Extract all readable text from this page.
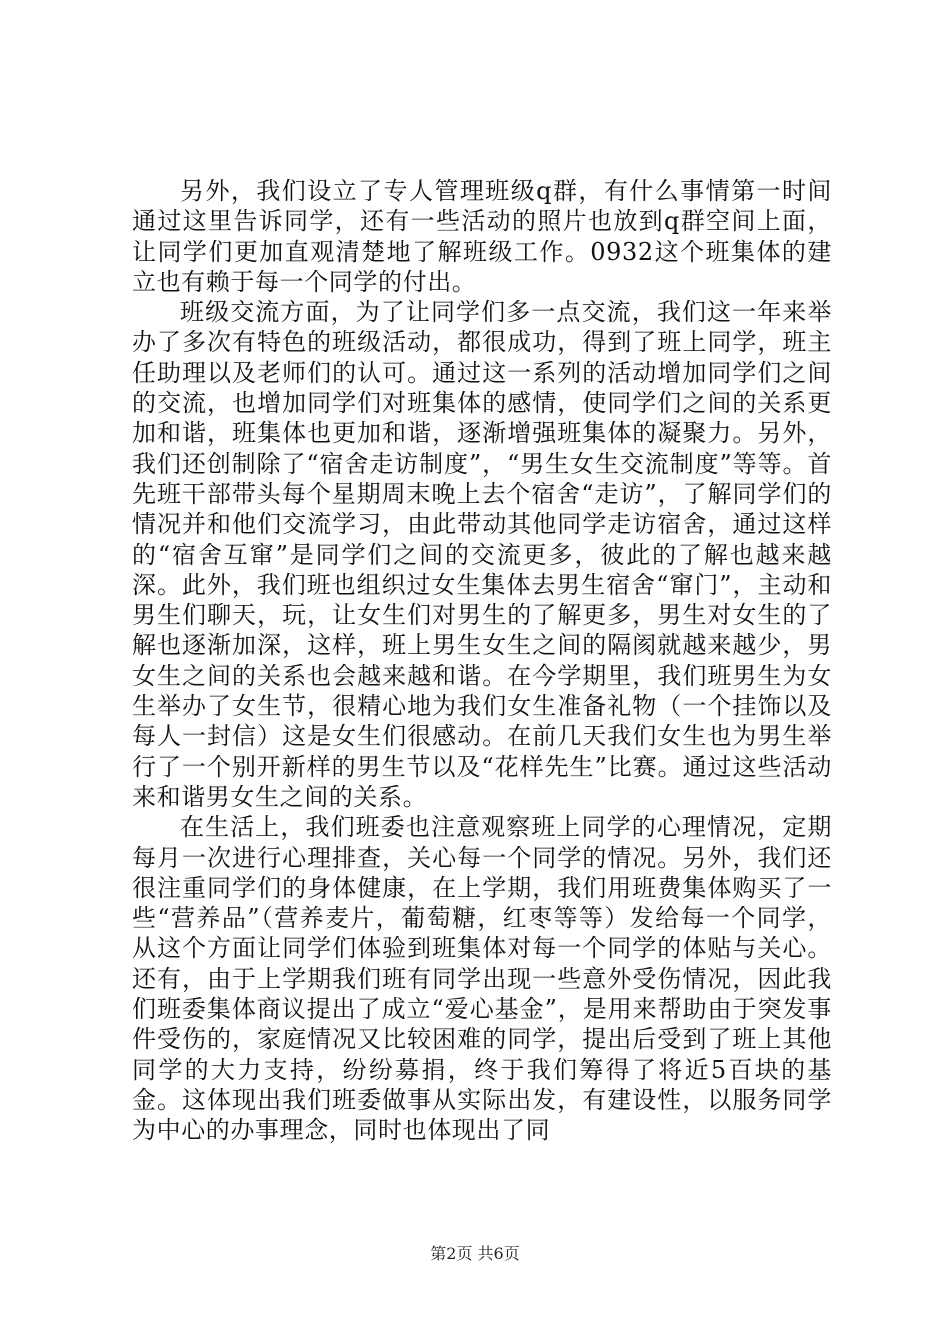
另外，我们设立了专人管理班级q群，有什么事情第一时间通过这里告诉同学，还有一些活动的照片也放到q群空间上面，让同学们更加直观清楚地了解班级工作。0932这个班集体的建立也有赖于每一个同学的付出。

班级交流方面，为了让同学们多一点交流，我们这一年来举办了多次有特色的班级活动，都很成功，得到了班上同学，班主任助理以及老师们的认可。通过这一系列的活动增加同学们之间的交流，也增加同学们对班集体的感情，使同学们之间的关系更加和谐，班集体也更加和谐，逐渐增强班集体的凝聚力。另外，我们还创制除了“宿舍走访制度”，“男生女生交流制度”等等。首先班干部带头每个星期周末晚上去个宿舍“走访”，了解同学们的情况并和他们交流学习，由此带动其他同学走访宿舍，通过这样的“宿舍互窜”是同学们之间的交流更多，彼此的了解也越来越深。此外，我们班也组织过女生集体去男生宿舍“窜门”，主动和男生们聊天，玩，让女生们对男生的了解更多，男生对女生的了解也逐渐加深，这样，班上男生女生之间的隔阂就越来越少，男女生之间的关系也会越来越和谐。在今学期里，我们班男生为女生举办了女生节，很精心地为我们女生准备礼物（一个挂饰以及每人一封信）这是女生们很感动。在前几天我们女生也为男生举行了一个别开新样的男生节以及“花样先生”比赛。通过这些活动来和谐男女生之间的关系。

在生活上，我们班委也注意观察班上同学的心理情况，定期每月一次进行心理排查，关心每一个同学的情况。另外，我们还很注重同学们的身体健康，在上学期，我们用班费集体购买了一些“营养品”（营养麦片，葡萄糖，红枣等等）发给每一个同学，从这个方面让同学们体验到班集体对每一个同学的体贴与关心。还有，由于上学期我们班有同学出现一些意外受伤情况，因此我们班委集体商议提出了成立“爱心基金”，是用来帮助由于突发事件受伤的，家庭情况又比较困难的同学，提出后受到了班上其他同学的大力支持，纷纷募捐，终于我们筹得了将近5百块的基金。这体现出我们班委做事从实际出发，有建设性，以服务同学为中心的办事理念，同时也体现出了同

第2页 共6页
